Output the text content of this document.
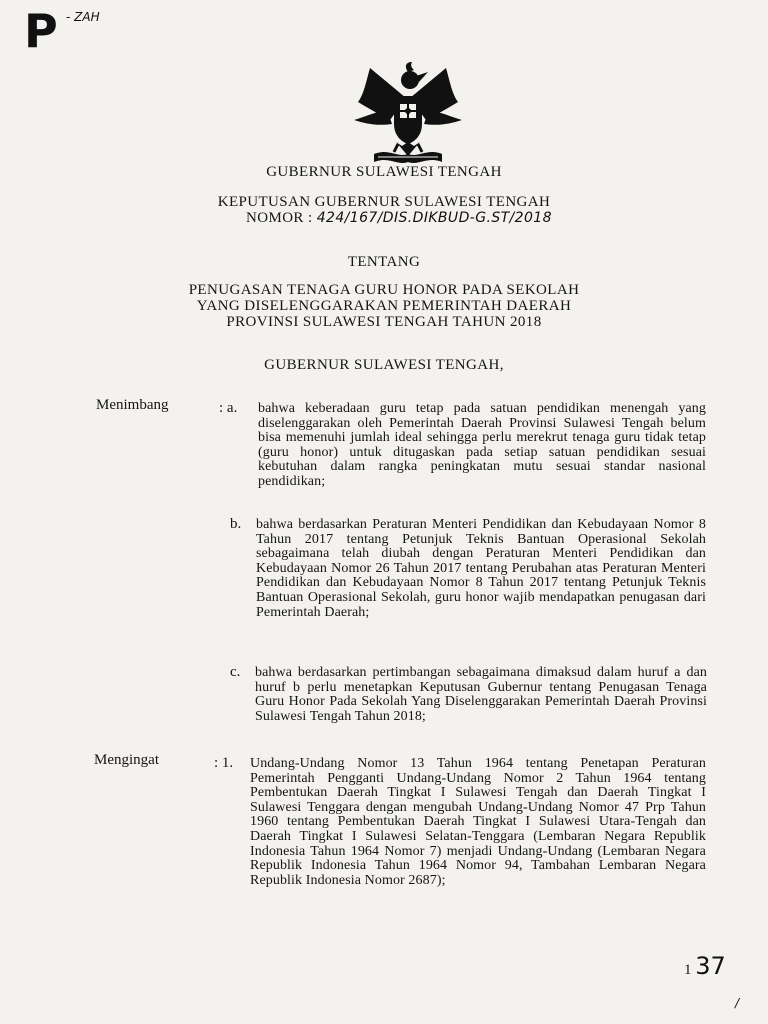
P - ZAH
GUBERNUR SULAWESI TENGAH
KEPUTUSAN GUBERNUR SULAWESI TENGAH
NOMOR : 424/167/DIS.DIKBUD-G.ST/2018
TENTANG
PENUGASAN TENAGA GURU HONOR PADA SEKOLAH
YANG DISELENGGARAKAN PEMERINTAH DAERAH
PROVINSI SULAWESI TENGAH TAHUN 2018
GUBERNUR SULAWESI TENGAH,
Menimbang	: a. bahwa keberadaan guru tetap pada satuan pendidikan menengah yang diselenggarakan oleh Pemerintah Daerah Provinsi Sulawesi Tengah belum bisa memenuhi jumlah ideal sehingga perlu merekrut tenaga guru tidak tetap (guru honor) untuk ditugaskan pada setiap satuan pendidikan sesuai kebutuhan dalam rangka peningkatan mutu sesuai standar nasional pendidikan;
b. bahwa berdasarkan Peraturan Menteri Pendidikan dan Kebudayaan Nomor 8 Tahun 2017 tentang Petunjuk Teknis Bantuan Operasional Sekolah sebagaimana telah diubah dengan Peraturan Menteri Pendidikan dan Kebudayaan Nomor 26 Tahun 2017 tentang Perubahan atas Peraturan Menteri Pendidikan dan Kebudayaan Nomor 8 Tahun 2017 tentang Petunjuk Teknis Bantuan Operasional Sekolah, guru honor wajib mendapatkan penugasan dari Pemerintah Daerah;
c. bahwa berdasarkan pertimbangan sebagaimana dimaksud dalam huruf a dan huruf b perlu menetapkan Keputusan Gubernur tentang Penugasan Tenaga Guru Honor Pada Sekolah Yang Diselenggarakan Pemerintah Daerah Provinsi Sulawesi Tengah Tahun 2018;
Mengingat	: 1. Undang-Undang Nomor 13 Tahun 1964 tentang Penetapan Peraturan Pemerintah Pengganti Undang-Undang Nomor 2 Tahun 1964 tentang Pembentukan Daerah Tingkat I Sulawesi Tengah dan Daerah Tingkat I Sulawesi Tenggara dengan mengubah Undang-Undang Nomor 47 Prp Tahun 1960 tentang Pembentukan Daerah Tingkat I Sulawesi Utara-Tengah dan Daerah Tingkat I Sulawesi Selatan-Tenggara (Lembaran Negara Republik Indonesia Tahun 1964 Nomor 7) menjadi Undang-Undang (Lembaran Negara Republik Indonesia Tahun 1964 Nomor 94, Tambahan Lembaran Negara Republik Indonesia Nomor 2687);
1 37
/
